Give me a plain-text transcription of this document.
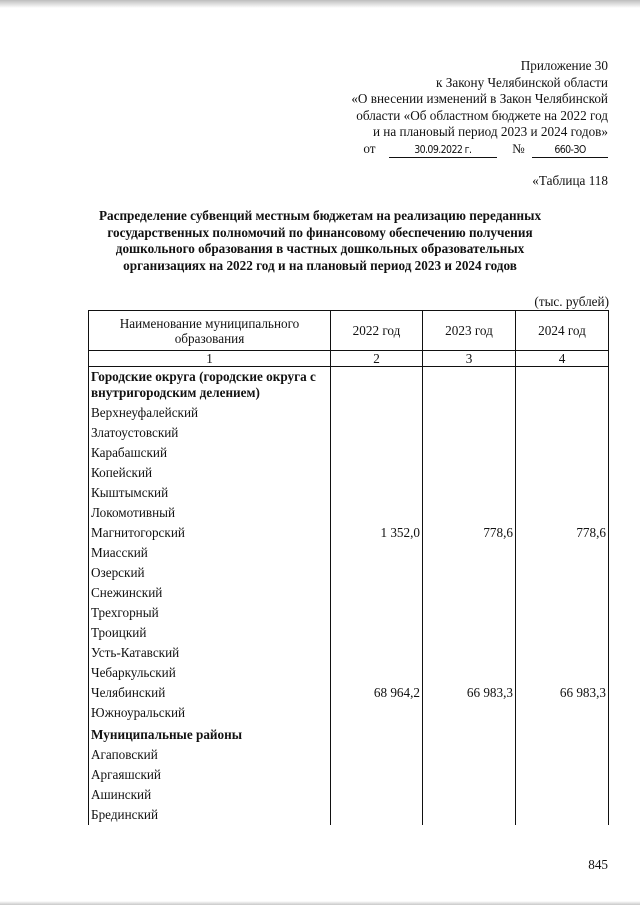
Приложение 30
к Закону Челябинской области
«О внесении изменений в Закон Челябинской
области «Об областном бюджете на 2022 год
и на плановый период 2023 и 2024 годов»
от	30.09.2022 г.	№	660-ЗО
«Таблица 118
Распределение субвенций местным бюджетам на реализацию переданных государственных полномочий по финансовому обеспечению получения дошкольного образования в частных дошкольных образовательных организациях на 2022 год и на плановый период 2023 и 2024 годов
(тыс. рублей)
Наименование муниципального образования	2022 год	2023 год	2024 год
1	2	3	4
Городские округа (городские округа с внутригородским делением)			
Верхнеуфалейский			
Златоустовский			
Карабашский			
Копейский			
Кыштымский			
Локомотивный			
Магнитогорский	1 352,0	778,6	778,6
Миасский			
Озерский			
Снежинский			
Трехгорный			
Троицкий			
Усть-Катавский			
Чебаркульский			
Челябинский	68 964,2	66 983,3	66 983,3
Южноуральский			
Муниципальные районы			
Агаповский			
Аргаяшский			
Ашинский			
Брединский			
845
